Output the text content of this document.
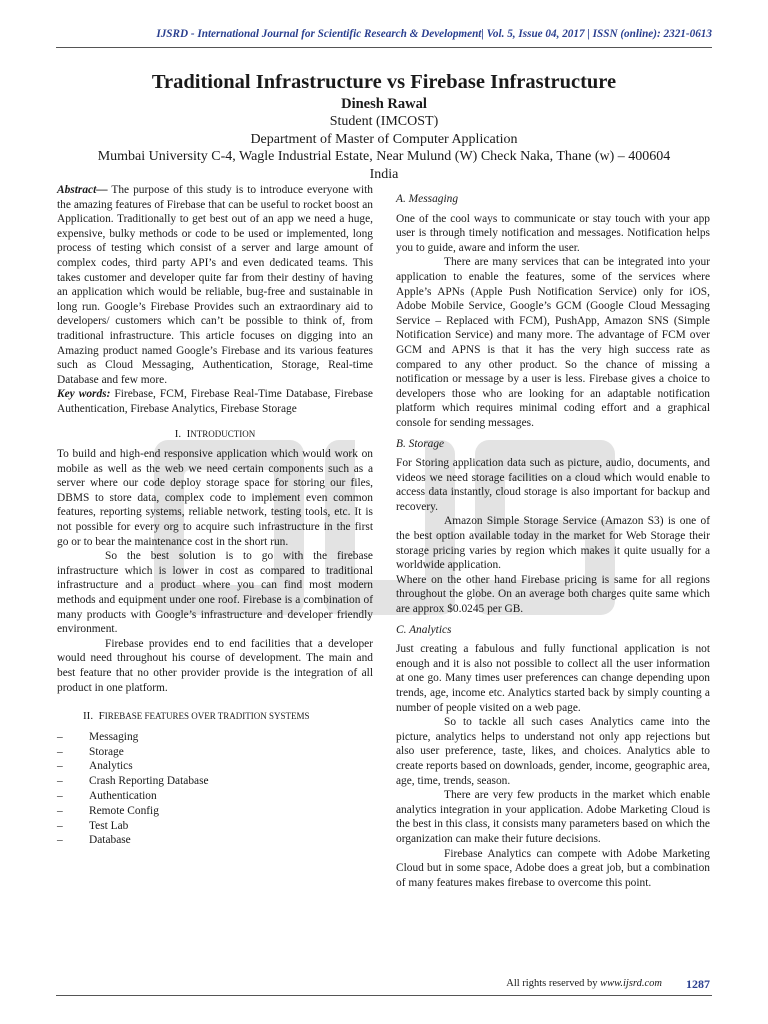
IJSRD - International Journal for Scientific Research & Development| Vol. 5, Issue 04, 2017 | ISSN (online): 2321-0613
Traditional Infrastructure vs Firebase Infrastructure
Dinesh Rawal
Student (IMCOST)
Department of Master of Computer Application
Mumbai University C-4, Wagle Industrial Estate, Near Mulund (W) Check Naka, Thane (w) – 400604
India

Abstract— The purpose of this study is to introduce everyone with the amazing features of Firebase that can be useful to rocket boost an Application. Traditionally to get best out of an app we need a huge, expensive, bulky methods or code to be used or implemented, long process of testing which consist of a server and large amount of complex codes, third party API’s and even dedicated teams. This takes customer and developer quite far from their destiny of having an application which would be reliable, bug-free and sustainable in long run. Google’s Firebase Provides such an extraordinary aid to developers/ customers which can’t be possible to think of, from traditional infrastructure. This article focuses on digging into an Amazing product named Google’s Firebase and its various features such as Cloud Messaging, Authentication, Storage, Real-time Database and few more.

Key words: Firebase, FCM, Firebase Real-Time Database, Firebase Authentication, Firebase Analytics, Firebase Storage

I. INTRODUCTION

To build and high-end responsive application which would work on mobile as well as the web we need certain components such as a server where our code deploy storage space for storing our files, DBMS to store data, complex code to implement even common features, reporting systems, reliable network, testing tools, etc. It is not possible for every org to acquire such infrastructure in the first go or to bear the maintenance cost in the short run.

So the best solution is to go with the firebase infrastructure which is lower in cost as compared to traditional infrastructure and a product where you can find most modern methods and equipment under one roof. Firebase is a combination of many products with Google’s infrastructure and developer friendly environment.

Firebase provides end to end facilities that a developer would need throughout his course of development. The main and best feature that no other provider provide is the integration of all product in one platform.

II. FIREBASE FEATURES OVER TRADITION SYSTEMS
– Messaging
– Storage
– Analytics
– Crash Reporting Database
– Authentication
– Remote Config
– Test Lab
– Database
A. Messaging

One of the cool ways to communicate or stay touch with your app user is through timely notification and messages. Notification helps you to guide, aware and inform the user.

There are many services that can be integrated into your application to enable the features, some of the services where Apple’s APNs (Apple Push Notification Service) only for iOS, Adobe Mobile Service, Google’s GCM (Google Cloud Messaging Service – Replaced with FCM), PushApp, Amazon SNS (Simple Notification Service) and many more. The advantage of FCM over GCM and APNS is that it has the very high success rate as compared to any other product. So the chance of missing a notification or message by a user is less. Firebase gives a choice to developers those who are looking for an adaptable notification platform which requires minimal coding effort and a graphical console for sending messages.

B. Storage

For Storing application data such as picture, audio, documents, and videos we need storage facilities on a cloud which would enable to access data instantly, cloud storage is also important for backup and recovery.

Amazon Simple Storage Service (Amazon S3) is one of the best option available today in the market for Web Storage their storage pricing varies by region which makes it quite usually for a worldwide application.

Where on the other hand Firebase pricing is same for all regions throughout the globe. On an average both charges quite same which are approx $0.0245 per GB.

C. Analytics

Just creating a fabulous and fully functional application is not enough and it is also not possible to collect all the user information at one go. Many times user preferences can change depending upon trends, age, income etc. Analytics started back by simply counting a number of people visited on a web page.

So to tackle all such cases Analytics came into the picture, analytics helps to understand not only app rejections but also user preference, taste, likes, and choices. Analytics able to create reports based on downloads, gender, income, geographic area, age, time, trends, season.

There are very few products in the market which enable analytics integration in your application. Adobe Marketing Cloud is the best in this class, it consists many parameters based on which the organization can make their future decisions.

Firebase Analytics can compete with Adobe Marketing Cloud but in some space, Adobe does a great job, but a combination of many features makes firebase to overcome this point.

All rights reserved by www.ijsrd.com 1287
